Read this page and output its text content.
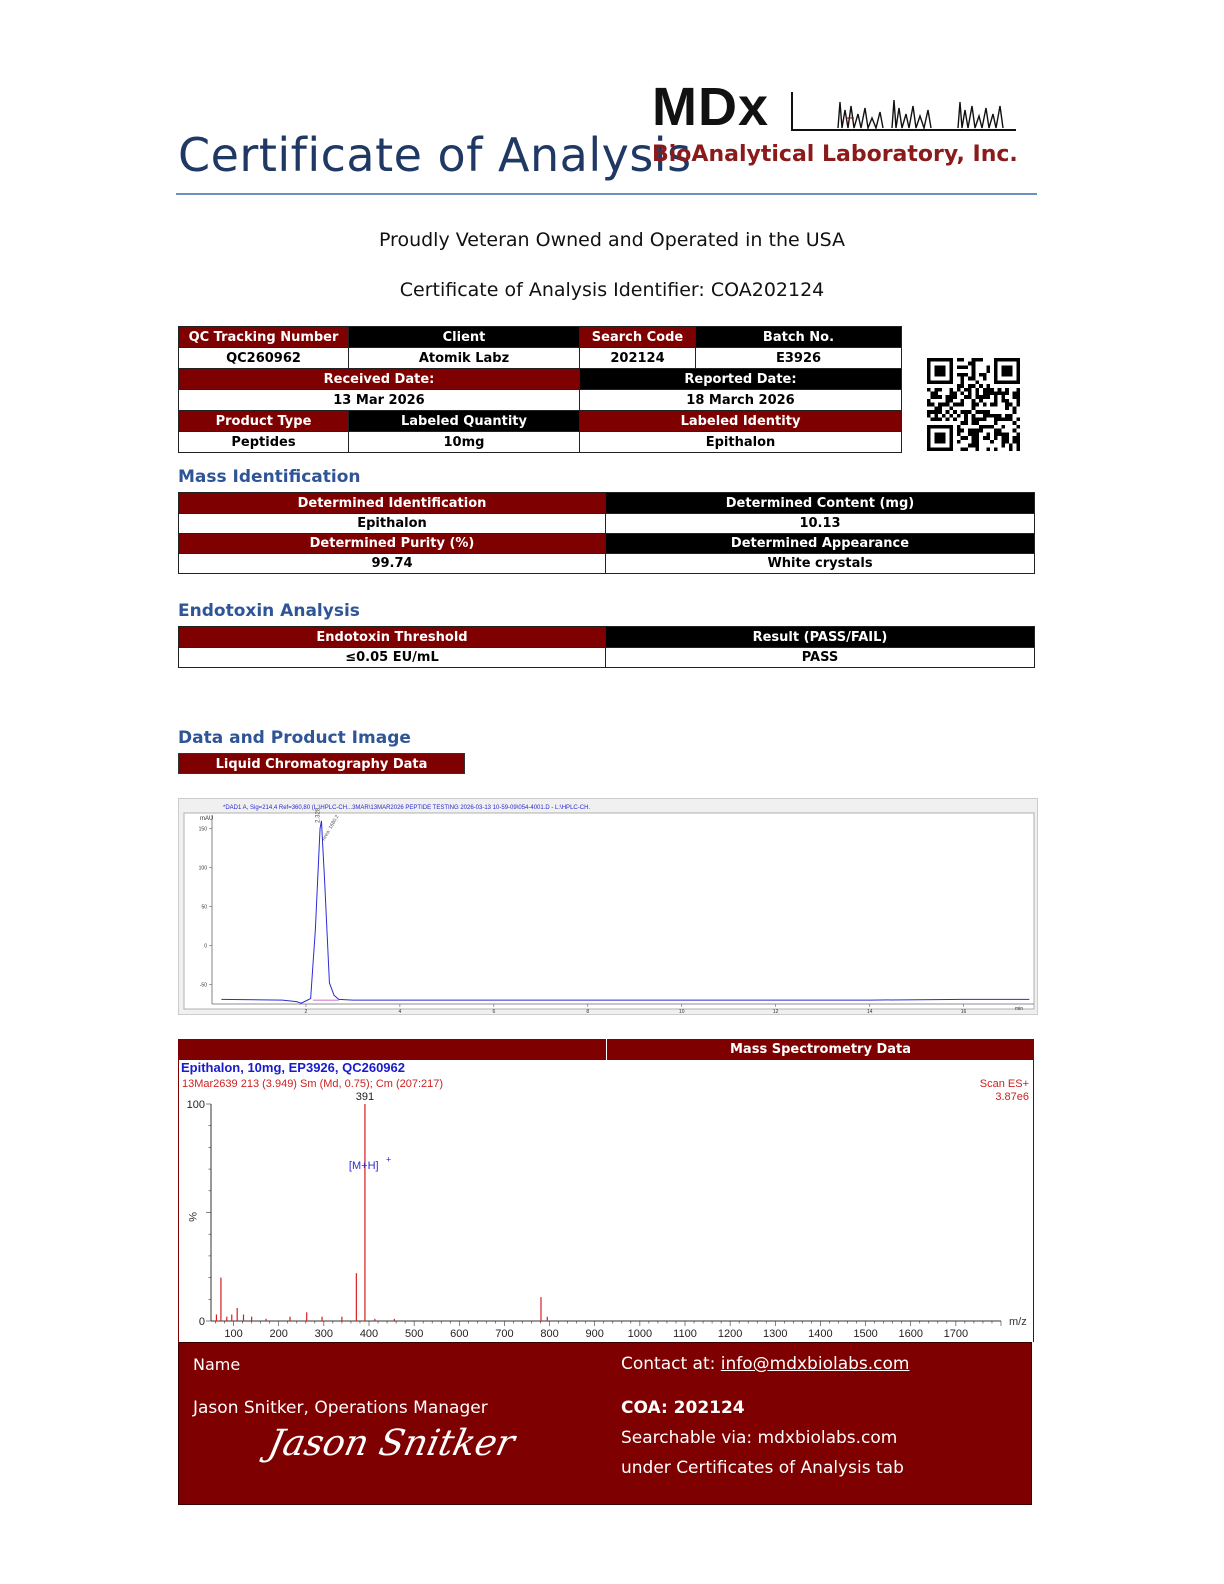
Certificate of Analysis
MDx
BioAnalytical Laboratory, Inc.
Proudly Veteran Owned and Operated in the USA
Certificate of Analysis Identifier: COA202124
QC Tracking Number	Client	Search Code	Batch No.
QC260962	Atomik Labz	202124	E3926
Received Date:		Reported Date:	
13 Mar 2026		18 March 2026	
Product Type	Labeled Quantity	Labeled Identity	
Peptides	10mg	Epithalon	
Mass Identification
Determined Identification	Determined Content (mg)
Epithalon	10.13
Determined Purity (%)	Determined Appearance
99.74	White crystals
Endotoxin Analysis
Endotoxin Threshold	Result (PASS/FAIL)
≤0.05 EU/mL	PASS
Data and Product Image
Liquid Chromatography Data
*DAD1 A, Sig=214,4 Ref=360,80 (L:\HPLC-CH...3MAR\13MAR2026 PEPTIDE TESTING 2026-03-13 10-59-09\054-4001.D - L:\HPLC-CH.
mAU
min
2	4	6	8	10	12	14	16
-50
0
50
100
150
2.328 Area: 1680.2
Mass Spectrometry Data
Epithalon, 10mg, EP3926, QC260962
13Mar2639 213 (3.949) Sm (Md, 0.75); Cm (207:217)	Scan ES+
3.87e6
%
m/z
100 200 300 400 500 600 700 800 900 1000 1100 1200 1300 1400 1500 1600 1700
0
100
391
[M+H]
+
Name
Jason Snitker, Operations Manager
Jason Snitker
Contact at: info@mdxbiolabs.com
COA: 202124
Searchable via: mdxbiolabs.com
under Certificates of Analysis tab
